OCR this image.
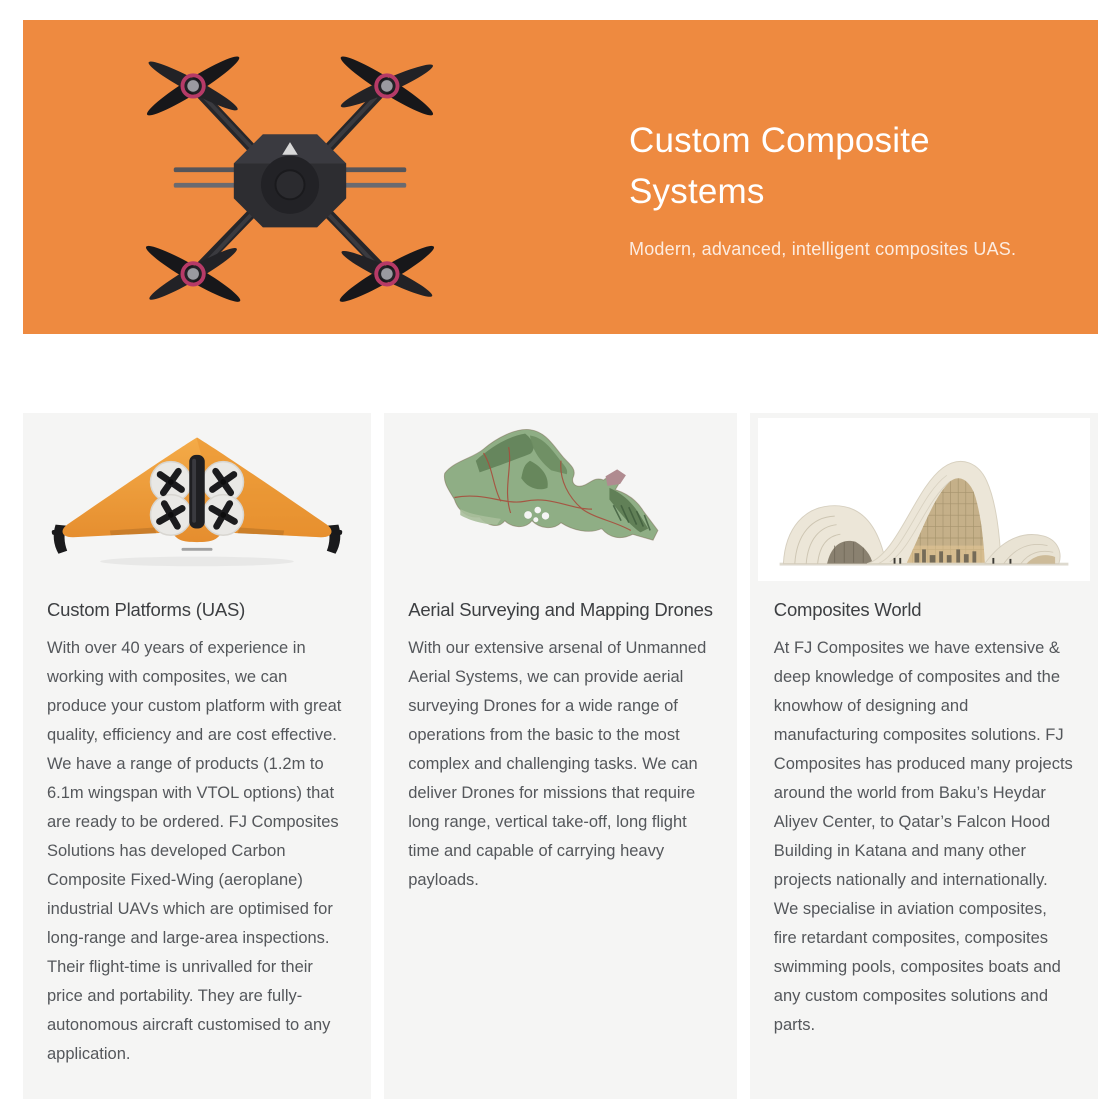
Custom Composite Systems

Modern, advanced, intelligent composites UAS.

Custom Platforms (UAS)

With over 40 years of experience in working with composites, we can produce your custom platform with great quality, efficiency and are cost effective. We have a range of products (1.2m to 6.1m wingspan with VTOL options) that are ready to be ordered. FJ Composites Solutions has developed Carbon Composite Fixed-Wing (aeroplane) industrial UAVs which are optimised for long-range and large-area inspections. Their flight-time is unrivalled for their price and portability. They are fully-autonomous aircraft customised to any application.

Aerial Surveying and Mapping Drones

With our extensive arsenal of Unmanned Aerial Systems, we can provide aerial surveying Drones for a wide range of operations from the basic to the most complex and challenging tasks. We can deliver Drones for missions that require long range, vertical take-off, long flight time and capable of carrying heavy payloads.

Composites World

At FJ Composites we have extensive & deep knowledge of composites and the knowhow of designing and manufacturing composites solutions. FJ Composites has produced many projects around the world from Baku’s Heydar Aliyev Center, to Qatar’s Falcon Hood Building in Katana and many other projects nationally and internationally. We specialise in aviation composites, fire retardant composites, composites swimming pools, composites boats and any custom composites solutions and parts.
